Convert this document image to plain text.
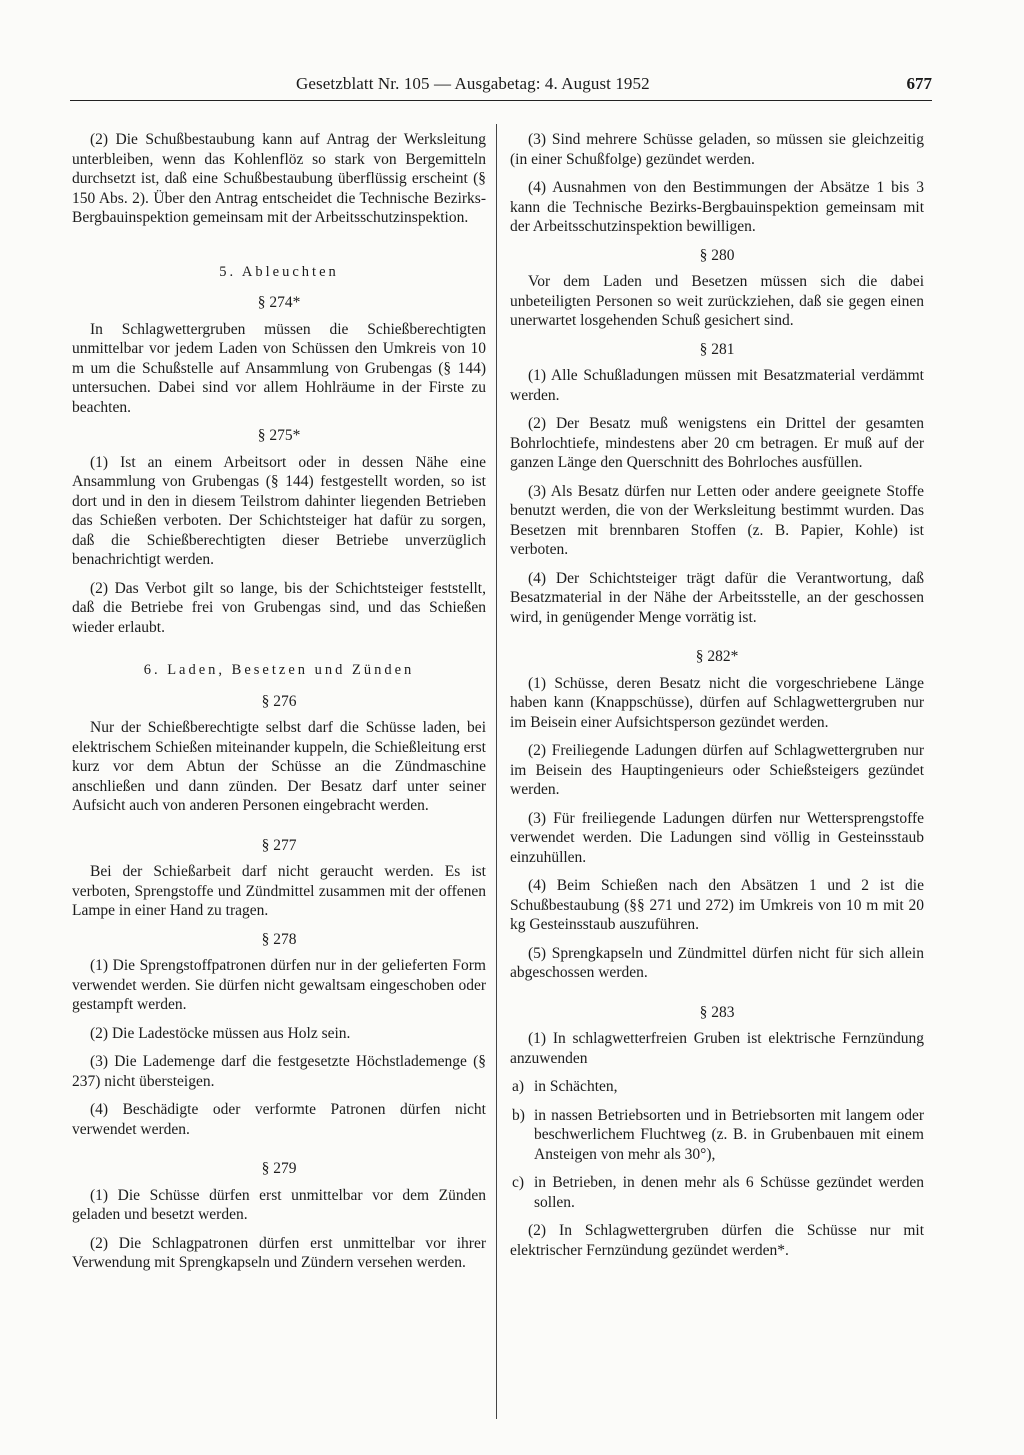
Gesetzblatt Nr. 105 — Ausgabetag: 4. August 1952	677

(2) Die Schußbestaubung kann auf Antrag der Werksleitung unterbleiben, wenn das Kohlenflöz so stark von Bergemitteln durchsetzt ist, daß eine Schußbestaubung überflüssig erscheint (§ 150 Abs. 2). Über den Antrag entscheidet die Technische Bezirks-Bergbauinspektion gemeinsam mit der Arbeitsschutzinspektion.

5. Ableuchten
§ 274*

In Schlagwettergruben müssen die Schießberechtigten unmittelbar vor jedem Laden von Schüssen den Umkreis von 10 m um die Schußstelle auf Ansammlung von Grubengas (§ 144) untersuchen. Dabei sind vor allem Hohlräume in der Firste zu beachten.

§ 275*

(1) Ist an einem Arbeitsort oder in dessen Nähe eine Ansammlung von Grubengas (§ 144) festgestellt worden, so ist dort und in den in diesem Teilstrom dahinter liegenden Betrieben das Schießen verboten. Der Schichtsteiger hat dafür zu sorgen, daß die Schießberechtigten dieser Betriebe unverzüglich benachrichtigt werden.

(2) Das Verbot gilt so lange, bis der Schichtsteiger feststellt, daß die Betriebe frei von Grubengas sind, und das Schießen wieder erlaubt.

6. Laden, Besetzen und Zünden
§ 276

Nur der Schießberechtigte selbst darf die Schüsse laden, bei elektrischem Schießen miteinander kuppeln, die Schießleitung erst kurz vor dem Abtun der Schüsse an die Zündmaschine anschließen und dann zünden. Der Besatz darf unter seiner Aufsicht auch von anderen Personen eingebracht werden.

§ 277

Bei der Schießarbeit darf nicht geraucht werden. Es ist verboten, Sprengstoffe und Zündmittel zusammen mit der offenen Lampe in einer Hand zu tragen.

§ 278

(1) Die Sprengstoffpatronen dürfen nur in der gelieferten Form verwendet werden. Sie dürfen nicht gewaltsam eingeschoben oder gestampft werden.

(2) Die Ladestöcke müssen aus Holz sein.

(3) Die Lademenge darf die festgesetzte Höchstlademenge (§ 237) nicht übersteigen.

(4) Beschädigte oder verformte Patronen dürfen nicht verwendet werden.

§ 279

(1) Die Schüsse dürfen erst unmittelbar vor dem Zünden geladen und besetzt werden.

(2) Die Schlagpatronen dürfen erst unmittelbar vor ihrer Verwendung mit Sprengkapseln und Zündern versehen werden.

(3) Sind mehrere Schüsse geladen, so müssen sie gleichzeitig (in einer Schußfolge) gezündet werden.

(4) Ausnahmen von den Bestimmungen der Absätze 1 bis 3 kann die Technische Bezirks-Bergbauinspektion gemeinsam mit der Arbeitsschutzinspektion bewilligen.

§ 280

Vor dem Laden und Besetzen müssen sich die dabei unbeteiligten Personen so weit zurückziehen, daß sie gegen einen unerwartet losgehenden Schuß gesichert sind.

§ 281

(1) Alle Schußladungen müssen mit Besatzmaterial verdämmt werden.

(2) Der Besatz muß wenigstens ein Drittel der gesamten Bohrlochtiefe, mindestens aber 20 cm betragen. Er muß auf der ganzen Länge den Querschnitt des Bohrloches ausfüllen.

(3) Als Besatz dürfen nur Letten oder andere geeignete Stoffe benutzt werden, die von der Werksleitung bestimmt wurden. Das Besetzen mit brennbaren Stoffen (z. B. Papier, Kohle) ist verboten.

(4) Der Schichtsteiger trägt dafür die Verantwortung, daß Besatzmaterial in der Nähe der Arbeitsstelle, an der geschossen wird, in genügender Menge vorrätig ist.

§ 282*

(1) Schüsse, deren Besatz nicht die vorgeschriebene Länge haben kann (Knappschüsse), dürfen auf Schlagwettergruben nur im Beisein einer Aufsichtsperson gezündet werden.

(2) Freiliegende Ladungen dürfen auf Schlagwettergruben nur im Beisein des Hauptingenieurs oder Schießsteigers gezündet werden.

(3) Für freiliegende Ladungen dürfen nur Wettersprengstoffe verwendet werden. Die Ladungen sind völlig in Gesteinsstaub einzuhüllen.

(4) Beim Schießen nach den Absätzen 1 und 2 ist die Schußbestaubung (§§ 271 und 272) im Umkreis von 10 m mit 20 kg Gesteinsstaub auszuführen.

(5) Sprengkapseln und Zündmittel dürfen nicht für sich allein abgeschossen werden.

§ 283

(1) In schlagwetterfreien Gruben ist elektrische Fernzündung anzuwenden

a) in Schächten,
b) in nassen Betriebsorten und in Betriebsorten mit langem oder beschwerlichem Fluchtweg (z. B. in Grubenbauen mit einem Ansteigen von mehr als 30°),
c) in Betrieben, in denen mehr als 6 Schüsse gezündet werden sollen.

(2) In Schlagwettergruben dürfen die Schüsse nur mit elektrischer Fernzündung gezündet werden*.
